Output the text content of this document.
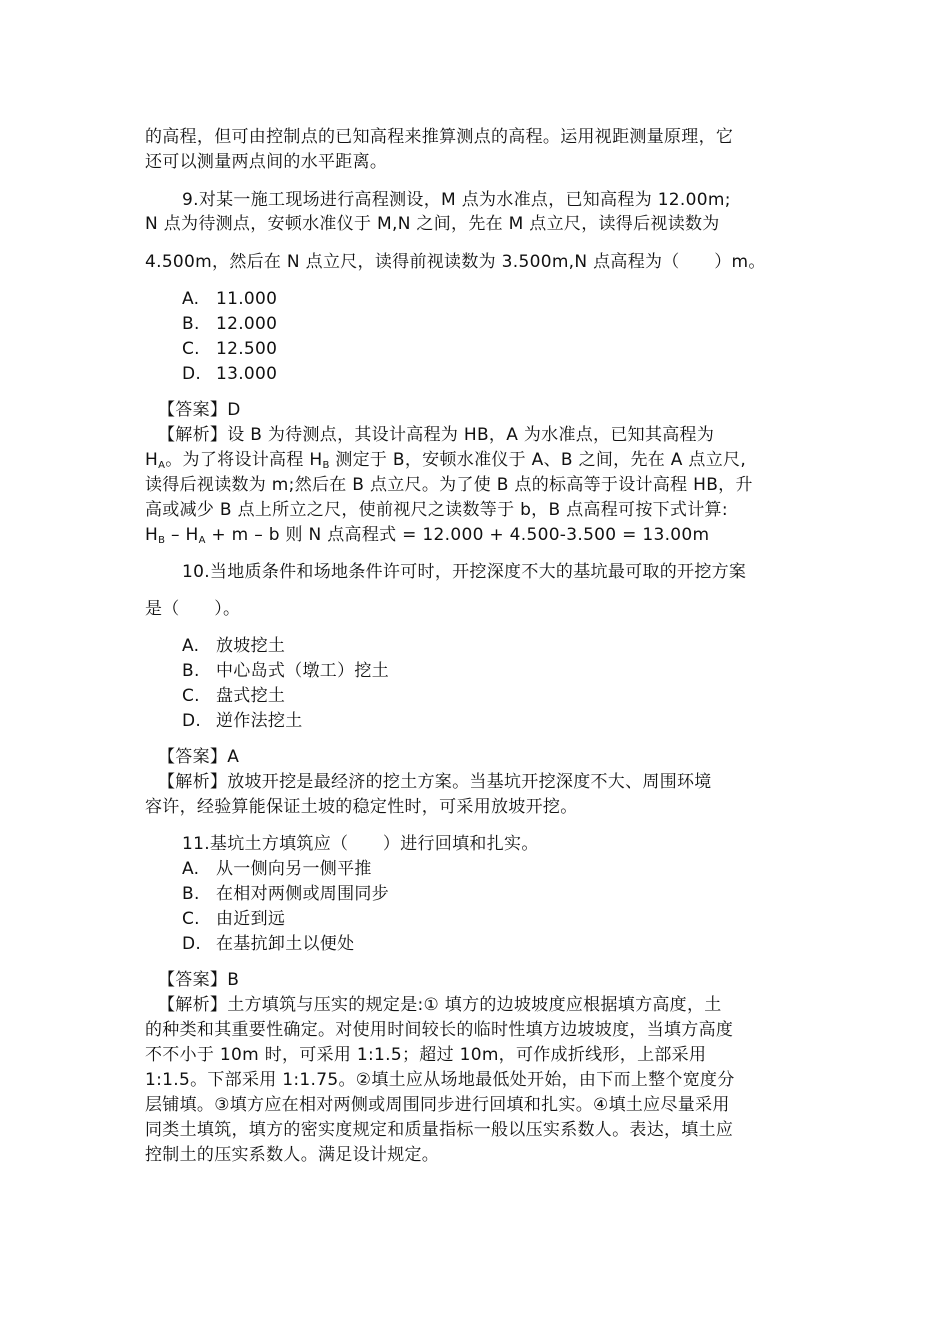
的高程，但可由控制点的已知高程来推算测点的高程。运用视距测量原理，它
还可以测量两点间的水平距离。
9.对某一施工现场进行高程测设，M 点为水准点，已知高程为 12.00m;
N 点为待测点，安顿水准仪于 M,N 之间，先在 M 点立尺，读得后视读数为
4.500m，然后在 N 点立尺，读得前视读数为 3.500m,N 点高程为（　　）m。
A. 11.000
B. 12.000
C. 12.500
D. 13.000
【答案】D
【解析】设 B 为待测点，其设计高程为 HB，A 为水准点，已知其高程为
$H_A$。为了将设计高程 $H_B$ 测定于 B，安顿水准仪于 A、B 之间，先在 A 点立尺,
读得后视读数为 m;然后在 B 点立尺。为了使 B 点的标高等于设计高程 HB，升
高或减少 B 点上所立之尺，使前视尺之读数等于 b，B 点高程可按下式计算:
$H_B - H_A + m - b$ 则 N 点高程式 = 12.000 + 4.500-3.500 = 13.00m
10.当地质条件和场地条件许可时，开挖深度不大的基坑最可取的开挖方案
是（　　）。
A. 放坡挖土
B. 中心岛式（墩工）挖土
C. 盘式挖土
D. 逆作法挖土
【答案】A
【解析】放坡开挖是最经济的挖土方案。当基坑开挖深度不大、周围环境
容许，经验算能保证土坡的稳定性时，可采用放坡开挖。
11.基坑土方填筑应（　　）进行回填和扎实。
A. 从一侧向另一侧平推
B. 在相对两侧或周围同步
C. 由近到远
D. 在基抗卸土以便处
【答案】B
【解析】土方填筑与压实的规定是:① 填方的边坡坡度应根据填方高度，土
的种类和其重要性确定。对使用时间较长的临时性填方边坡坡度，当填方高度
不不小于 10m 时，可采用 1:1.5；超过 10m，可作成折线形，上部采用
1:1.5。下部采用 1:1.75。②填土应从场地最低处开始，由下而上整个宽度分
层铺填。③填方应在相对两侧或周围同步进行回填和扎实。④填土应尽量采用
同类土填筑，填方的密实度规定和质量指标一般以压实系数人。表达，填土应
控制土的压实系数人。满足设计规定。
